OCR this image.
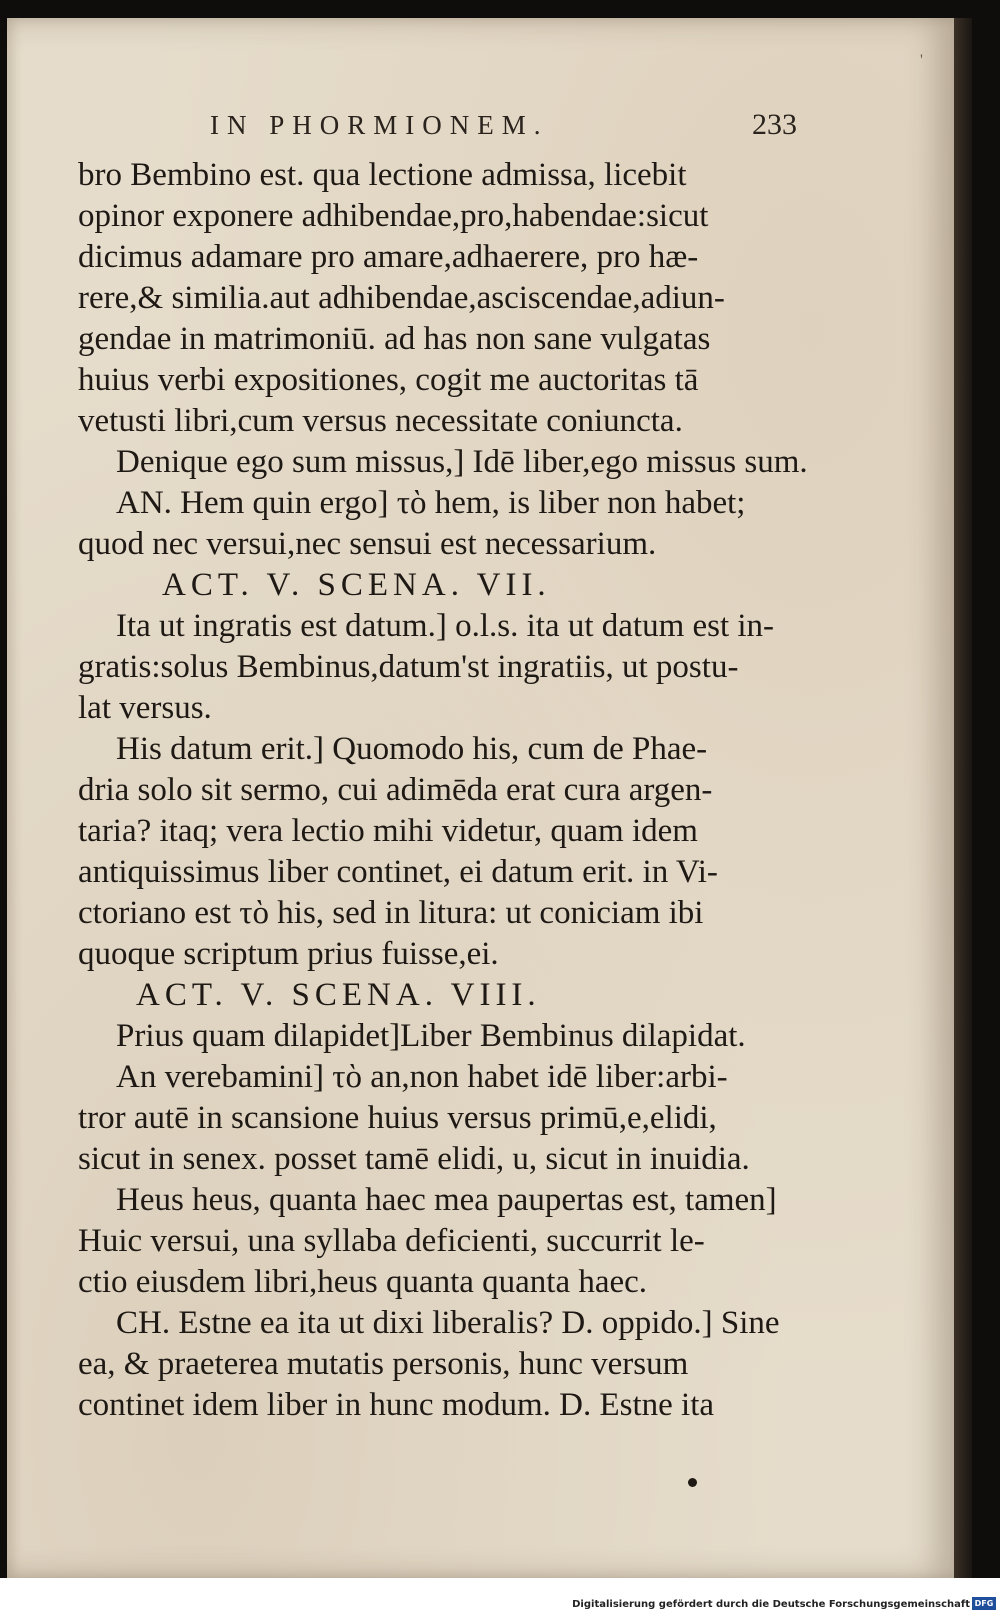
'
IN PHORMIONEM.	233
bro Bembino est. qua lectione admissa, licebit
opinor exponere adhibendae,pro,habendae:sicut
dicimus adamare pro amare,adhaerere, pro hæ-
rere,& similia.aut adhibendae,asciscendae,adiun-
gendae in matrimoniū. ad has non sane vulgatas
huius verbi expositiones, cogit me auctoritas tā
vetusti libri,cum versus necessitate coniuncta.
Denique ego sum missus,] Idē liber,ego missus sum.
AN. Hem quin ergo] τὸ hem, is liber non habet;
quod nec versui,nec sensui est necessarium.
ACT. V. SCENA. VII.
Ita ut ingratis est datum.] o.l.s. ita ut datum est in-
gratis:solus Bembinus,datum'st ingratiis, ut postu-
lat versus.
His datum erit.] Quomodo his, cum de Phae-
dria solo sit sermo, cui adimēda erat cura argen-
taria? itaq; vera lectio mihi videtur, quam idem
antiquissimus liber continet, ei datum erit. in Vi-
ctoriano est τὸ his, sed in litura: ut coniciam ibi
quoque scriptum prius fuisse,ei.
ACT. V. SCENA. VIII.
Prius quam dilapidet]Liber Bembinus dilapidat.
An verebamini] τὸ an,non habet idē liber:arbi-
tror autē in scansione huius versus primū,e,elidi,
sicut in senex. posset tamē elidi, u, sicut in inuidia.
Heus heus, quanta haec mea paupertas est, tamen]
Huic versui, una syllaba deficienti, succurrit le-
ctio eiusdem libri,heus quanta quanta haec.
CH. Estne ea ita ut dixi liberalis? D. oppido.] Sine
ea, & praeterea mutatis personis, hunc versum
continet idem liber in hunc modum. D. Estne ita
Digitalisierung gefördert durch die Deutsche Forschungsgemeinschaft DFG
